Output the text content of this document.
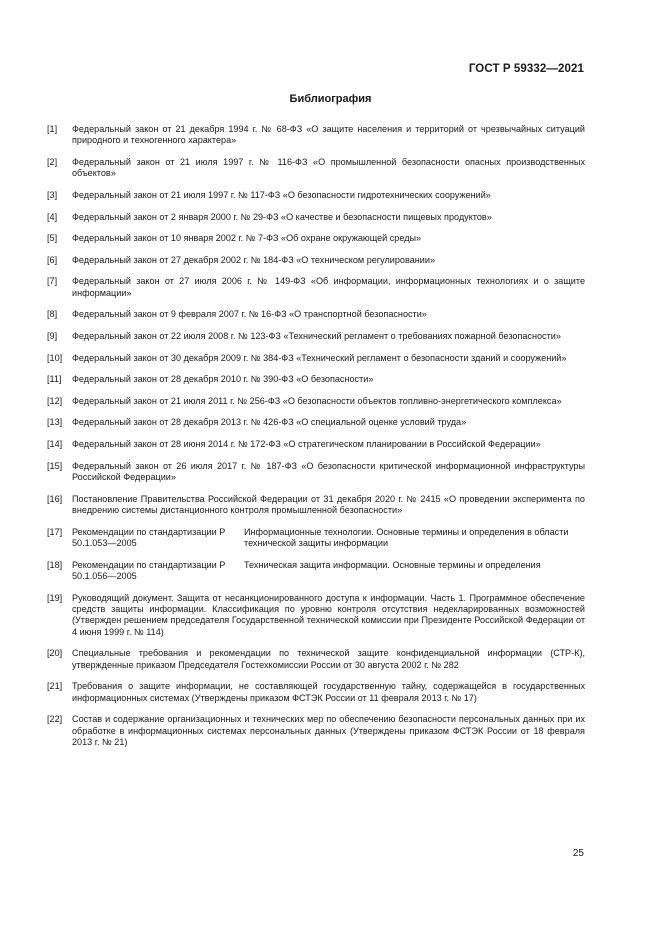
ГОСТ Р 59332—2021
Библиография
[1]	Федеральный закон от 21 декабря 1994 г. № 68-ФЗ «О защите населения и территорий от чрезвычайных ситуаций природного и техногенного характера»
[2]	Федеральный закон от 21 июля 1997 г. № 116-ФЗ «О промышленной безопасности опасных производственных объектов»
[3]	Федеральный закон от 21 июля 1997 г. № 117-ФЗ «О безопасности гидротехнических сооружений»
[4]	Федеральный закон от 2 января 2000 г. № 29-ФЗ «О качестве и безопасности пищевых продуктов»
[5]	Федеральный закон от 10 января 2002 г. № 7-ФЗ «Об охране окружающей среды»
[6]	Федеральный закон от 27 декабря 2002 г. № 184-ФЗ «О техническом регулировании»
[7]	Федеральный закон от 27 июля 2006 г. № 149-ФЗ «Об информации, информационных технологиях и о защите информации»
[8]	Федеральный закон от 9 февраля 2007 г. № 16-ФЗ «О транспортной безопасности»
[9]	Федеральный закон от 22 июля 2008 г. № 123-ФЗ «Технический регламент о требованиях пожарной безопасности»
[10]	Федеральный закон от 30 декабря 2009 г. № 384-ФЗ «Технический регламент о безопасности зданий и сооружений»
[11]	Федеральный закон от 28 декабря 2010 г. № 390-ФЗ «О безопасности»
[12]	Федеральный закон от 21 июля 2011 г. № 256-ФЗ «О безопасности объектов топливно-энергетического комплекса»
[13]	Федеральный закон от 28 декабря 2013 г. № 426-ФЗ «О специальной оценке условий труда»
[14]	Федеральный закон от 28 июня 2014 г. № 172-ФЗ «О стратегическом планировании в Российской Федерации»
[15]	Федеральный закон от 26 июля 2017 г. № 187-ФЗ «О безопасности критической информационной инфраструктуры Российской Федерации»
[16]	Постановление Правительства Российской Федерации от 31 декабря 2020 г. № 2415 «О проведении эксперимента по внедрению системы дистанционного контроля промышленной безопасности»
[17]	Рекомендации по стандартизации Р 50.1.053—2005
Информационные технологии. Основные термины и определения в области технической защиты информации
[18]	Рекомендации по стандартизации Р 50.1.056—2005
Техническая защита информации. Основные термины и определения
[19]	Руководящий документ. Защита от несанкционированного доступа к информации. Часть 1. Программное обеспечение средств защиты информации. Классификация по уровню контроля отсутствия недекларированных возможностей (Утвержден решением председателя Государственной технической комиссии при Президенте Российской Федерации от 4 июня 1999 г. № 114)
[20]	Специальные требования и рекомендации по технической защите конфиденциальной информации (СТР-К), утвержденные приказом Председателя Гостехкомиссии России от 30 августа 2002 г. № 282
[21]	Требования о защите информации, не составляющей государственную тайну, содержащейся в государственных информационных системах (Утверждены приказом ФСТЭК России от 11 февраля 2013 г. № 17)
[22]	Состав и содержание организационных и технических мер по обеспечению безопасности персональных данных при их обработке в информационных системах персональных данных (Утверждены приказом ФСТЭК России от 18 февраля 2013 г. № 21)
25
